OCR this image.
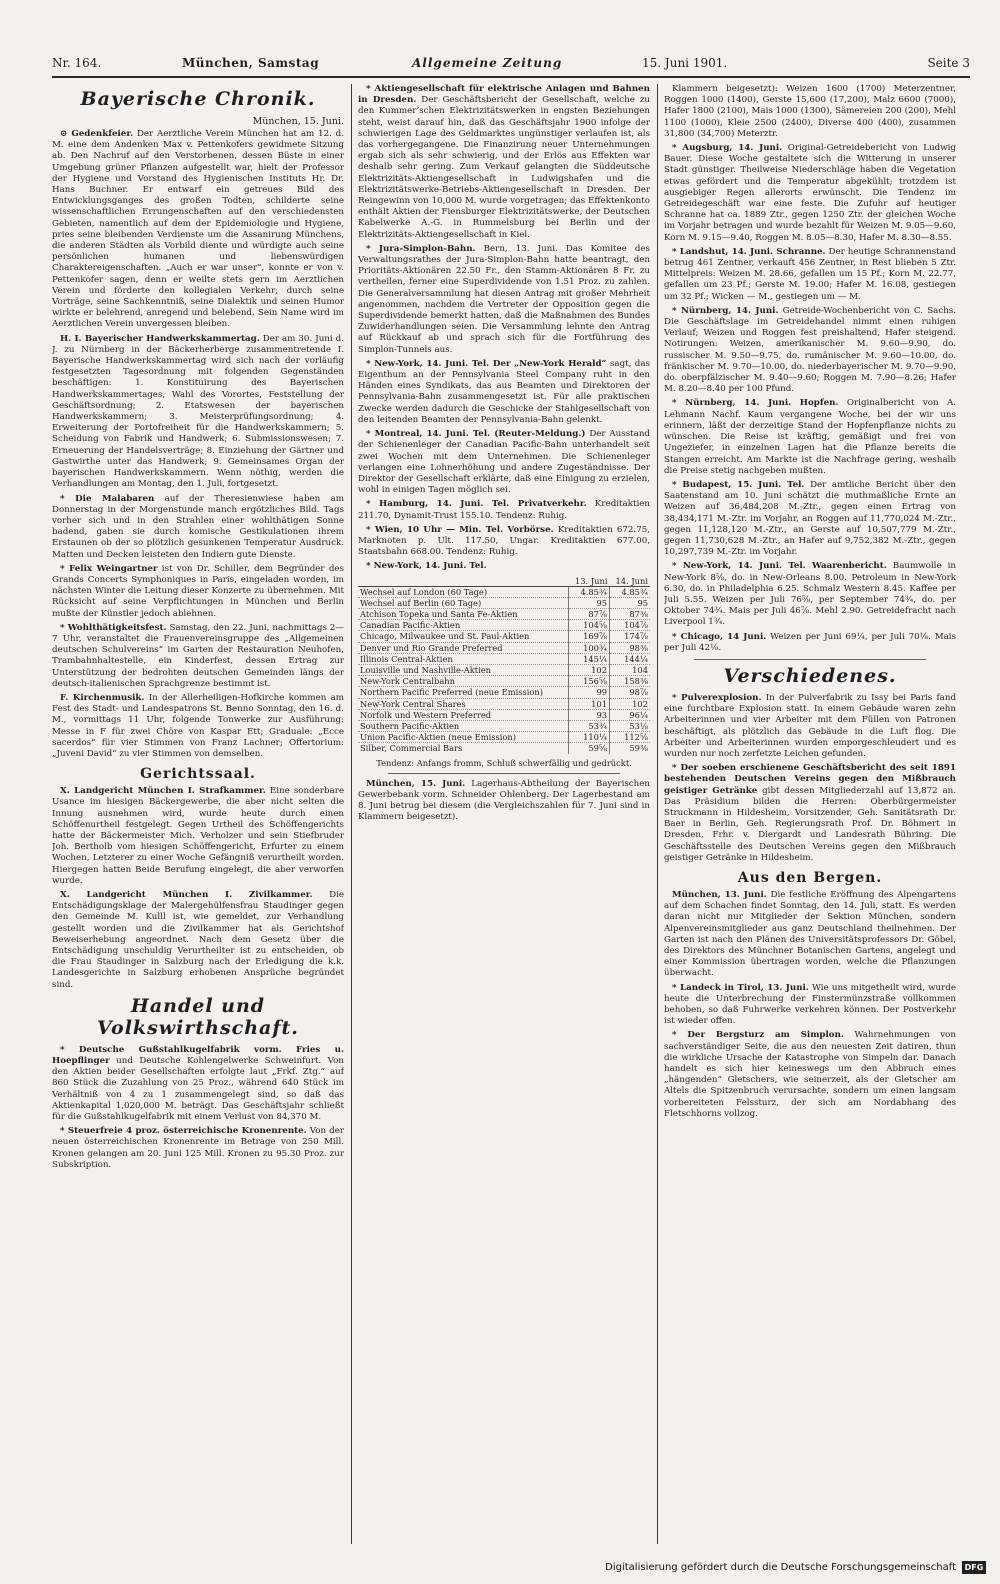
Nr. 164.	München, Samstag	Allgemeine Zeitung	15. Juni 1901.	Seite 3
Bayerische Chronik.
München, 15. Juni.

⊙ Gedenkfeier. Der Aerztliche Verein München hat am 12. d. M. eine dem Andenken Max v. Pettenkofers gewidmete Sitzung ab. Den Nachruf auf den Verstorbenen, dessen Büste in einer Umgebung grüner Pflanzen aufgestellt war, hielt der Professor der Hygiene und Vorstand des Hygienischen Instituts Hr. Dr. Hans Buchner. Er entwarf ein getreues Bild des Entwicklungsganges des großen Todten, schilderte seine wissenschaftlichen Errungenschaften auf den verschiedensten Gebieten, namentlich auf dem der Epidemiologie und Hygiene, pries seine bleibenden Verdienste um die Assanirung Münchens, die anderen Städten als Vorbild diente und würdigte auch seine persönlichen humanen und liebenswürdigen Charaktereigenschaften. „Auch er war unser“, konnte er von v. Pettenkofer sagen, denn er weilte stets gern im Aerztlichen Verein und förderte den kollegialen Verkehr; durch seine Vorträge, seine Sachkenntniß, seine Dialektik und seinen Humor wirkte er belehrend, anregend und belebend. Sein Name wird im Aerztlichen Verein unvergessen bleiben.

H. I. Bayerischer Handwerkskammertag. Der am 30. Juni d. J. zu Nürnberg in der Bäckerherberge zusammentretende I. Bayerische Handwerkskammertag wird sich nach der vorläufig festgesetzten Tagesordnung mit folgenden Gegenständen beschäftigen: 1. Konstituirung des Bayerischen Handwerkskammertages, Wahl des Vorortes, Feststellung der Geschäftsordnung; 2. Etatswesen der bayerischen Handwerkskammern; 3. Meisterprüfungsordnung; 4. Erweiterung der Portofreiheit für die Handwerkskammern; 5. Scheidung von Fabrik und Handwerk; 6. Submissionswesen; 7. Erneuerung der Handelsverträge; 8. Einziehung der Gärtner und Gastwirthe unter das Handwerk; 9. Gemeinsames Organ der bayerischen Handwerkskammern. Wenn nöthig, werden die Verhandlungen am Montag, den 1. Juli, fortgesetzt.

* Die Malabaren auf der Theresienwiese haben am Donnerstag in der Morgenstunde manch ergötzliches Bild. Tags vorher sich und in den Strahlen einer wohlthätigen Sonne badend, gaben sie durch komische Gestikulationen ihrem Erstaunen ob der so plötzlich gesunkenen Temperatur Ausdruck. Matten und Decken leisteten den Indiern gute Dienste.

* Felix Weingartner ist von Dr. Schiller, dem Begründer des Grands Concerts Symphoniques in Paris, eingeladen worden, im nächsten Winter die Leitung dieser Konzerte zu übernehmen. Mit Rücksicht auf seine Verpflichtungen in München und Berlin mußte der Künstler jedoch ablehnen.

* Wohlthätigkeitsfest. Samstag, den 22. Juni, nachmittags 2—7 Uhr, veranstaltet die Frauenvereinsgruppe des „Allgemeinen deutschen Schulvereins“ im Garten der Restauration Neuhofen, Trambahnhaltestelle, ein Kinderfest, dessen Ertrag zur Unterstützung der bedrohten deutschen Gemeinden längs der deutsch-italienischen Sprachgrenze bestimmt ist.

F. Kirchenmusik. In der Allerheiligen-Hofkirche kommen am Fest des Stadt- und Landespatrons St. Benno Sonntag, den 16. d. M., vormittags 11 Uhr, folgende Tonwerke zur Ausführung: Messe in F für zwei Chöre von Kaspar Ett; Graduale: „Ecce sacerdos“ für vier Stimmen von Franz Lachner; Offertorium: „Juveni David“ zu vier Stimmen von demselben.

Gerichtssaal.

X. Landgericht München I. Strafkammer. Eine sonderbare Usance im hiesigen Bäckergewerbe, die aber nicht selten die Innung ausnehmen wird, wurde heute durch einen Schöffenurtheil festgelegt. Gegen Urtheil des Schöffengerichts hatte der Bäckermeister Mich. Verholzer und sein Stiefbruder Joh. Bertholb vom hiesigen Schöffengericht, Erfurter zu einem Wochen, Letzterer zu einer Woche Gefängniß verurtheilt worden. Hiergegen hatten Beide Berufung eingelegt, die aber verworfen wurde.

X. Landgericht München I. Zivilkammer. Die Entschädigungsklage der Malergehülfensfrau Staudinger gegen den Gemeinde M. Kulll ist, wie gemeldet, zur Verhandlung gestellt worden und die Zivilkammer hat als Gerichtshof Beweiserhebung angeordnet. Nach dem Gesetz über die Entschädigung unschuldig Verurtheilter ist zu entscheiden, ob die Frau Staudinger in Salzburg nach der Erledigung die k.k. Landesgerichte in Salzburg erhobenen Ansprüche begründet sind.

Handel und Volkswirthschaft.

* Deutsche Gußstahlkugelfabrik vorm. Fries u. Hoepflinger und Deutsche Kohlengelwerke Schweinfurt. Von den Aktien beider Gesellschaften erfolgte laut „Frkf. Ztg.“ auf 860 Stück die Zuzahlung von 25 Proz., während 640 Stück im Verhältniß von 4 zu 1 zusammengelegt sind, so daß das Aktienkapital 1,020,000 M. beträgt. Das Geschäftsjahr schließt für die Gußstahlkugelfabrik mit einem Verlust von 84,370 M.

* Steuerfreie 4 proz. österreichische Kronenrente. Von der neuen österreichischen Kronenrente im Betrage von 250 Mill. Kronen gelangen am 20. Juni 125 Mill. Kronen zu 95.30 Proz. zur Subskription.

* Aktiengesellschaft für elektrische Anlagen und Bahnen in Dresden. Der Geschäftsbericht der Gesellschaft, welche zu den Kummer’schen Elektrizitätswerken in engsten Beziehungen steht, weist darauf hin, daß das Geschäftsjahr 1900 infolge der schwierigen Lage des Geldmarktes ungünstiger verlaufen ist, als das vorhergegangene. Die Finanzirung neuer Unternehmungen ergab sich als sehr schwierig, und der Erlös aus Effekten war deshalb sehr gering. Zum Verkauf gelangten die Süddeutsche Elektrizitäts-Aktiengesellschaft in Ludwigshafen und die Elektrizitätswerke-Betriebs-Aktiengesellschaft in Dresden. Der Reingewinn von 10,000 M. wurde vorgetragen; das Effektenkonto enthält Aktien der Fiensburger Elektrizitätswerke, der Deutschen Kabelwerke A.-G. in Rummelsburg bei Berlin und der Elektrizitäts-Aktiengesellschaft in Kiel.

* Jura-Simplon-Bahn. Bern, 13. Juni. Das Komitee des Verwaltungsrathes der Jura-Simplon-Bahn hatte beantragt, den Prioritäts-Aktionären 22.50 Fr., den Stamm-Aktionären 8 Fr. zu vertheilen, ferner eine Superdividende von 1.51 Proz. zu zahlen. Die Generalversammlung hat diesen Antrag mit großer Mehrheit angenommen, nachdem die Vertreter der Opposition gegen die Superdividende bemerkt hatten, daß die Maßnahmen des Bundes Zuwiderhandlungen seien. Die Versammlung lehnte den Antrag auf Rückkauf ab und sprach sich für die Fortführung des Simplon-Tunnels aus.

* New-York, 14. Juni. Tel. Der „New-York Herald“ sagt, das Eigenthum an der Pennsylvania Steel Company ruht in den Händen eines Syndikats, das aus Beamten und Direktoren der Pennsylvania-Bahn zusammengesetzt ist. Für alle praktischen Zwecke werden dadurch die Geschicke der Stahlgesellschaft von den leitenden Beamten der Pennsylvania-Bahn gelenkt.

* Montreal, 14. Juni. Tel. (Reuter-Meldung.) Der Ausstand der Schienenleger der Canadian Pacific-Bahn unterhandelt seit zwei Wochen mit dem Unternehmen. Die Schienenleger verlangen eine Lohnerhöhung und andere Zugeständnisse. Der Direktor der Gesellschaft erklärte, daß eine Einigung zu erzielen, wohl in einigen Tagen möglich sei.

* Hamburg, 14. Juni. Tel. Privatverkehr. Kreditaktien 211.70, Dynamit-Trust 155.10. Tendenz: Ruhig.

* Wien, 10 Uhr — Min. Tel. Vorbörse. Kreditaktien 672.75, Marknoten p. Ult. 117.50, Ungar. Kreditaktien 677.00, Staatsbahn 668.00. Tendenz: Ruhig.

* New-York, 14. Juni. Tel.

	13. Juni	14. Juni
Wechsel auf London (60 Tage)	4.85¾	4.85¾
Wechsel auf Berlin (60 Tage)	95	95
Atchison Topeka und Santa Fe-Aktien	87⅞	87⅜
Canadian Pacific-Aktien	104⅝	104⅞
Chicago, Milwaukee und St. Paul-Aktien	169⅞	174⅞
Denver und Rio Grande Preferred	100¾	98⅜
Illinois Central-Aktien	145¼	144¼
Louisville und Nashville-Aktien	102	104
New-York Centralbahn	156⅝	158⅜
Northern Pacific Preferred (neue Emission)	99	98⅞
New-York Central Shares	101	102
Norfolk und Western Preferred	93	96¼
Southern Pacific-Aktien	53¾	53⅛
Union Pacific-Aktien (neue Emission)	110¼	112⅝
Silber, Commercial Bars	59⅝	59⅜
Tendenz: Anfangs fromm, Schluß schwerfällig und gedrückt.

München, 15. Juni. Lagerhaus-Abtheilung der Bayerischen Gewerbebank vorm. Schneider Ohlenberg. Der Lagerbestand am 8. Juni betrug bei diesem (die Vergleichszahlen für 7. Juni sind in Klammern beigesetzt).

Klammern beigesetzt): Weizen 1600 (1700) Meterzentner, Roggen 1000 (1400), Gerste 15,600 (17,200), Malz 6600 (7000), Hafer 1800 (2100), Mais 1000 (1300), Sämereien 200 (200), Mehl 1100 (1000), Kleie 2500 (2400), Diverse 400 (400), zusammen 31,800 (34,700) Meterztr.

* Augsburg, 14. Juni. Original-Getreidebericht von Ludwig Bauer. Diese Woche gestaltete sich die Witterung in unserer Stadt günstiger. Theilweise Niederschläge haben die Vegetation etwas gefördert und die Temperatur abgekühlt; trotzdem ist ausgiebiger Regen allerorts erwünscht. Die Tendenz im Getreidegeschäft war eine feste. Die Zufuhr auf heutiger Schranne hat ca. 1889 Ztr., gegen 1250 Ztr. der gleichen Woche im Vorjahr betragen und wurde bezahlt für Weizen M. 9.05—9.60, Korn M. 9.15—9.40, Roggen M. 8.05—8.30, Hafer M. 8.30—8.55.

* Landshut, 14. Juni. Schranne. Der heutige Schrannenstand betrug 461 Zentner, verkauft 456 Zentner, in Rest blieben 5 Ztr. Mittelpreis: Weizen M. 28.66, gefallen um 15 Pf.; Korn M. 22.77, gefallen um 23 Pf.; Gerste M. 19.00; Hafer M. 16.08, gestiegen um 32 Pf.; Wicken — M., gestiegen um — M.

* Nürnberg, 14. Juni. Getreide-Wochenbericht von C. Sachs. Die Geschäftslage im Getreidehandel nimmt einen ruhigen Verlauf; Weizen und Roggen fest preishaltend, Hafer steigend. Notirungen: Weizen, amerikanischer M. 9.60—9.90, do. russischer M. 9.50—9.75, do. rumänischer M. 9.60—10.00, do. fränkischer M. 9.70—10.00, do. niederbayerischer M. 9.70—9.90, do. oberpfälzischer M. 9.40—9.60; Roggen M. 7.90—8.26; Hafer M. 8.20—8.40 per 100 Pfund.

* Nürnberg, 14. Juni. Hopfen. Originalbericht von A. Lehmann Nachf. Kaum vergangene Woche, bei der wir uns erinnern, läßt der derzeitige Stand der Hopfenpflanze nichts zu wünschen. Die Reise ist kräftig, gemäßigt und frei von Ungeziefer, in einzelnen Lagen hat die Pflanze bereits die Stangen erreicht. Am Markte ist die Nachfrage gering, weshalb die Preise stetig nachgeben mußten.

* Budapest, 15. Juni. Tel. Der amtliche Bericht über den Saatenstand am 10. Juni schätzt die muthmaßliche Ernte an Weizen auf 36,484,208 M.-Ztr., gegen einen Ertrag von 38,434,171 M.-Ztr. im Vorjahr, an Roggen auf 11,770,024 M.-Ztr., gegen 11,128,120 M.-Ztr., an Gerste auf 10,507,779 M.-Ztr., gegen 11,730,628 M.-Ztr., an Hafer auf 9,752,382 M.-Ztr., gegen 10,297,739 M.-Ztr. im Vorjahr.

* New-York, 14. Juni. Tel. Waarenbericht. Baumwolle in New-York 8⅝, do. in New-Orleans 8.00. Petroleum in New-York 6.30, do. in Philadelphia 6.25. Schmalz Western 8.45. Kaffee per Juli 5.55. Weizen per Juli 76⅝, per September 74¾, do. per Oktober 74¾. Mais per Juli 46⅞. Mehl 2.90. Getreidefracht nach Liverpool 1¾.

* Chicago, 14 Juni. Weizen per Juni 69¼, per Juli 70⅛. Mais per Juli 42⅛.

Verschiedenes.

* Pulverexplosion. In der Pulverfabrik zu Issy bei Paris fand eine furchtbare Explosion statt. In einem Gebäude waren zehn Arbeiterinnen und vier Arbeiter mit dem Füllen von Patronen beschäftigt, als plötzlich das Gebäude in die Luft flog. Die Arbeiter und Arbeiterinnen wurden emporgeschleudert und es wurden nur noch zerfetzte Leichen gefunden.

* Der soeben erschienene Geschäftsbericht des seit 1891 bestehenden Deutschen Vereins gegen den Mißbrauch geistiger Getränke gibt dessen Mitgliederzahl auf 13,872 an. Das Präsidium bilden die Herren: Oberbürgermeister Struckmann in Hildesheim, Vorsitzender, Geh. Sanitätsrath Dr. Baer in Berlin, Geh. Regierungsrath Prof. Dr. Böhmert in Dresden, Frhr. v. Diergardt und Landesrath Bühring. Die Geschäftsstelle des Deutschen Vereins gegen den Mißbrauch geistiger Getränke in Hildesheim.

Aus den Bergen.

München, 13. Juni. Die festliche Eröffnung des Alpengartens auf dem Schachen findet Sonntag, den 14. Juli, statt. Es werden daran nicht nur Mitglieder der Sektion München, sondern Alpenvereinsmitglieder aus ganz Deutschland theilnehmen. Der Garten ist nach den Plänen des Universitätsprofessors Dr. Göbel, des Direktors des Münchner Botanischen Gartens, angelegt und einer Kommission übertragen worden, welche die Pflanzungen überwacht.

* Landeck in Tirol, 13. Juni. Wie uns mitgetheilt wird, wurde heute die Unterbrechung der Finstermünzstraße vollkommen behoben, so daß Fuhrwerke verkehren können. Der Postverkehr ist wieder offen.

* Der Bergsturz am Simplon. Wahrnehmungen von sachverständiger Seite, die aus den neuesten Zeit datiren, thun die wirkliche Ursache der Katastrophe von Simpeln dar. Danach handelt es sich hier keineswegs um den Abbruch eines „hängenden“ Gletschers, wie seinerzeit, als der Gletscher am Altels die Spitzenbruch verursachte, sondern um einen langsam vorbereiteten Felssturz, der sich am Nordabhang des Fletschhorns vollzog.

Digitalisierung gefördert durch die Deutsche Forschungsgemeinschaft	DFG
